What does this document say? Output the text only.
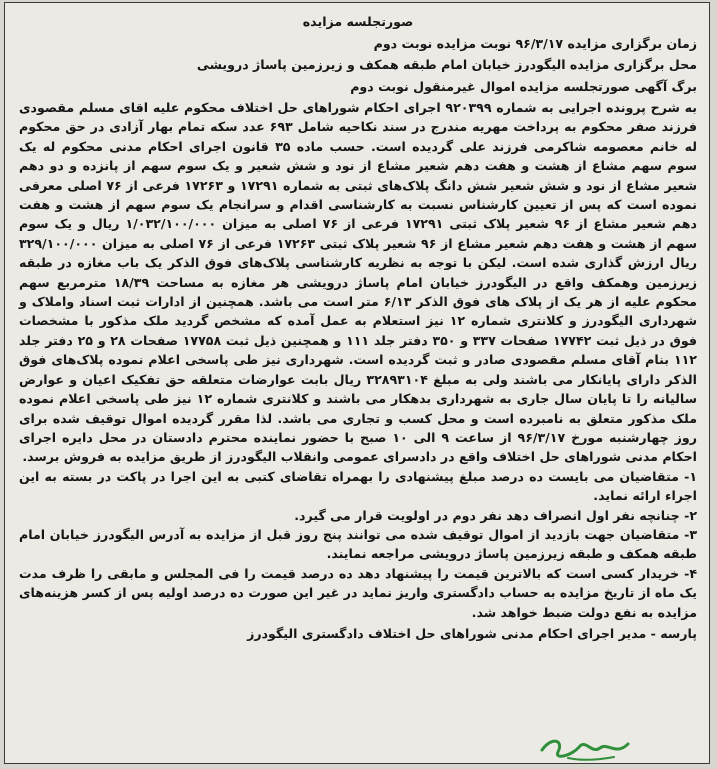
صورتجلسه مزایده
زمان برگزاری مزایده ۹۶/۳/۱۷ نوبت مزایده نوبت دوم
محل برگزاری مزایده الیگودرز خیابان امام طبقه همکف و زیرزمین پاساژ درویشی
برگ آگهی صورتجلسه مزایده اموال غیرمنقول نوبت دوم

به شرح پرونده اجرایی به شماره ۹۲۰۳۹۹ اجرای احکام شوراهای حل اختلاف محکوم علیه اقای مسلم مقصودی فرزند صفر محکوم به پرداخت مهریه مندرج در سند نکاحیه شامل ۶۹۳ عدد سکه تمام بهار آزادی در حق محکوم له خانم معصومه شاکرمی فرزند علی گردیده است. حسب ماده ۳۵ قانون اجرای احکام مدنی محکوم له یک سوم سهم مشاع از هشت و هفت دهم شعیر مشاع از نود و شش شعیر و یک سوم سهم از پانزده و دو دهم شعیر مشاع از نود و شش شعیر شش دانگ پلاک‌های ثبتی به شماره ۱۷۲۹۱ و ۱۷۲۶۳ فرعی از ۷۶ اصلی معرفی نموده است که پس از تعیین کارشناس نسبت به کارشناسی اقدام و سرانجام یک سوم سهم از هشت و هفت دهم شعیر مشاع از ۹۶ شعیر پلاک ثبتی ۱۷۲۹۱ فرعی از ۷۶ اصلی به میزان ۱/۰۳۲/۱۰۰/۰۰۰ ریال و یک سوم سهم از هشت و هفت دهم شعیر مشاع از ۹۶ شعیر پلاک ثبتی ۱۷۲۶۳ فرعی از ۷۶ اصلی به میزان ۳۲۹/۱۰۰/۰۰۰ ریال ارزش گذاری شده است. لیکن با توجه به نظریه کارشناسی پلاک‌های فوق الذکر یک باب مغازه در طبقه زیرزمین وهمکف واقع در الیگودرز خیابان امام پاساژ درویشی هر مغازه به مساحت ۱۸/۳۹ مترمربع سهم محکوم علیه از هر یک از پلاک های فوق الذکر ۶/۱۳ متر است می باشد. همچنین از ادارات ثبت اسناد واملاک و شهرداری الیگودرز و کلانتری شماره ۱۲ نیز استعلام به عمل آمده که مشخص گردید ملک مذکور با مشخصات فوق در ذیل ثبت ۱۷۷۴۲ صفحات ۳۳۷ و ۳۵۰ دفتر جلد ۱۱۱ و همچنین ذیل ثبت ۱۷۷۵۸ صفحات ۲۸ و ۲۵ دفتر جلد ۱۱۲ بنام آقای مسلم مقصودی صادر و ثبت گردیده است. شهرداری نیز طی پاسخی اعلام نموده پلاک‌های فوق الذکر دارای پایانکار می باشند ولی به مبلغ ۳۲۸۹۳۱۰۴ ریال بابت عوارضات متعلقه حق تفکیک اعیان و عوارض سالیانه را تا پایان سال جاری به شهرداری بدهکار می باشند و کلانتری شماره ۱۲ نیز طی پاسخی اعلام نموده ملک مذکور متعلق به نامبرده است و محل کسب و تجاری می باشد. لذا مقرر گردیده اموال توقیف شده برای روز چهارشنبه مورخ ۹۶/۳/۱۷ از ساعت ۹ الی ۱۰ صبح با حضور نماینده محترم دادستان در محل دایره اجرای احکام مدنی شوراهای حل اختلاف واقع در دادسرای عمومی وانقلاب الیگودرز از طریق مزایده به فروش برسد.

۱- متقاضیان می بایست ده درصد مبلغ پیشنهادی را بهمراه تقاضای کتبی به این اجرا در پاکت در بسته به این اجراء ارائه نماید.

۲- چنانچه نفر اول انصراف دهد نفر دوم در اولویت قرار می گیرد.

۳- متقاضیان جهت بازدید از اموال توقیف شده می توانند پنج روز قبل از مزایده به آدرس الیگودرز خیابان امام طبقه همکف و طبقه زیرزمین پاساژ درویشی مراجعه نمایند.

۴- خریدار کسی است که بالاترین قیمت را پیشنهاد دهد ده درصد قیمت را فی المجلس و مابقی را ظرف مدت یک ماه از تاریخ مزایده به حساب دادگستری واریز نماید در غیر این صورت ده درصد اولیه پس از کسر هزینه‌های مزایده به نفع دولت ضبط خواهد شد.

پارسه - مدیر اجرای احکام مدنی شوراهای حل اختلاف دادگستری الیگودرز
